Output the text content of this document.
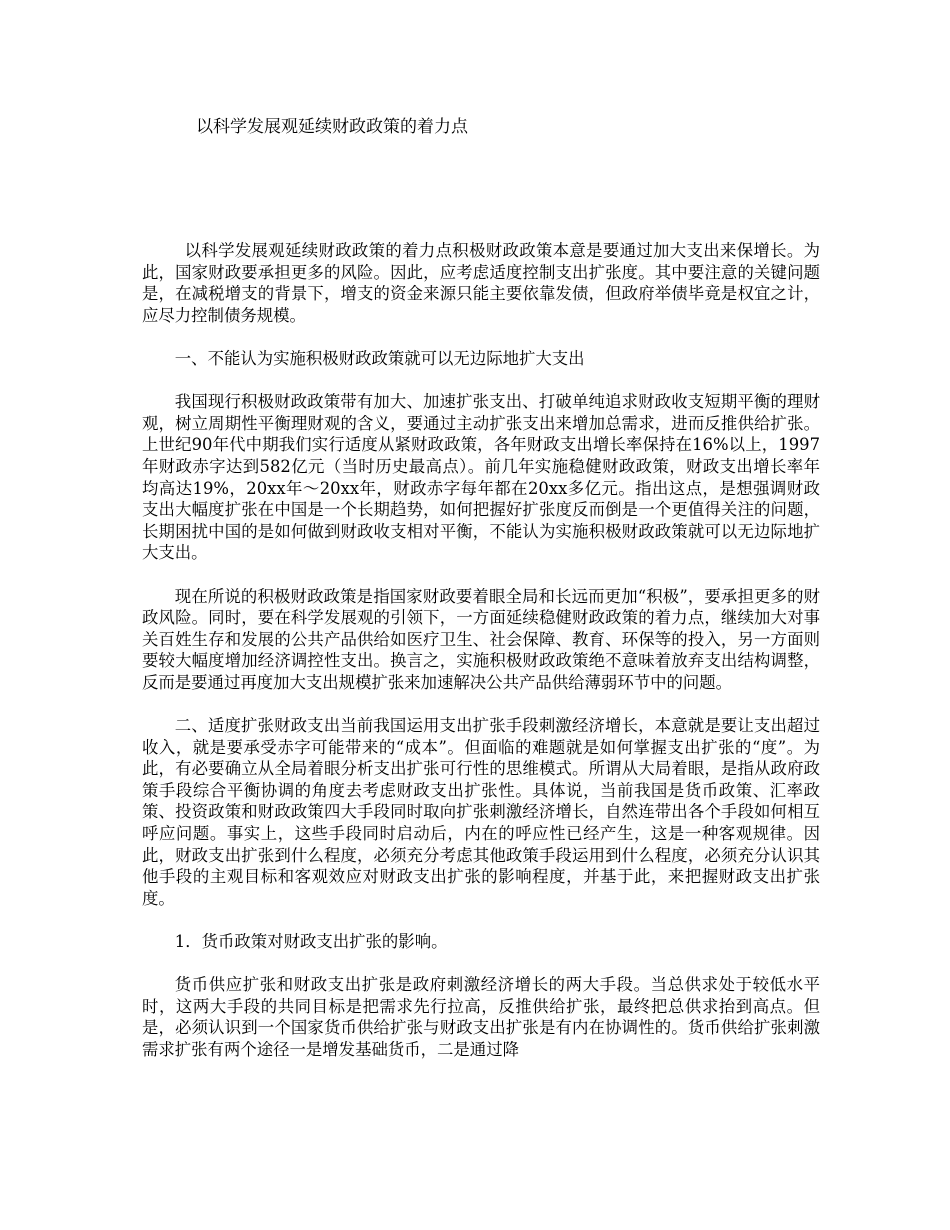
以科学发展观延续财政政策的着力点

以科学发展观延续财政政策的着力点积极财政政策本意是要通过加大支出来保增长。为此，国家财政要承担更多的风险。因此，应考虑适度控制支出扩张度。其中要注意的关键问题是，在减税增支的背景下，增支的资金来源只能主要依靠发债，但政府举债毕竟是权宜之计，应尽力控制债务规模。

一、不能认为实施积极财政政策就可以无边际地扩大支出

我国现行积极财政政策带有加大、加速扩张支出、打破单纯追求财政收支短期平衡的理财观，树立周期性平衡理财观的含义，要通过主动扩张支出来增加总需求，进而反推供给扩张。上世纪90年代中期我们实行适度从紧财政政策，各年财政支出增长率保持在16%以上，1997年财政赤字达到582亿元（当时历史最高点）。前几年实施稳健财政政策，财政支出增长率年均高达19%，20xx年～20xx年，财政赤字每年都在20xx多亿元。指出这点，是想强调财政支出大幅度扩张在中国是一个长期趋势，如何把握好扩张度反而倒是一个更值得关注的问题，长期困扰中国的是如何做到财政收支相对平衡，不能认为实施积极财政政策就可以无边际地扩大支出。

现在所说的积极财政政策是指国家财政要着眼全局和长远而更加“积极”，要承担更多的财政风险。同时，要在科学发展观的引领下，一方面延续稳健财政政策的着力点，继续加大对事关百姓生存和发展的公共产品供给如医疗卫生、社会保障、教育、环保等的投入，另一方面则要较大幅度增加经济调控性支出。换言之，实施积极财政政策绝不意味着放弃支出结构调整，反而是要通过再度加大支出规模扩张来加速解决公共产品供给薄弱环节中的问题。

二、适度扩张财政支出当前我国运用支出扩张手段刺激经济增长，本意就是要让支出超过收入，就是要承受赤字可能带来的“成本”。但面临的难题就是如何掌握支出扩张的“度”。为此，有必要确立从全局着眼分析支出扩张可行性的思维模式。所谓从大局着眼，是指从政府政策手段综合平衡协调的角度去考虑财政支出扩张性。具体说，当前我国是货币政策、汇率政策、投资政策和财政政策四大手段同时取向扩张刺激经济增长，自然连带出各个手段如何相互呼应问题。事实上，这些手段同时启动后，内在的呼应性已经产生，这是一种客观规律。因此，财政支出扩张到什么程度，必须充分考虑其他政策手段运用到什么程度，必须充分认识其他手段的主观目标和客观效应对财政支出扩张的影响程度，并基于此，来把握财政支出扩张度。

1．货币政策对财政支出扩张的影响。

货币供应扩张和财政支出扩张是政府刺激经济增长的两大手段。当总供求处于较低水平时，这两大手段的共同目标是把需求先行拉高，反推供给扩张，最终把总供求抬到高点。但是，必须认识到一个国家货币供给扩张与财政支出扩张是有内在协调性的。货币供给扩张刺激需求扩张有两个途径一是增发基础货币，二是通过降
